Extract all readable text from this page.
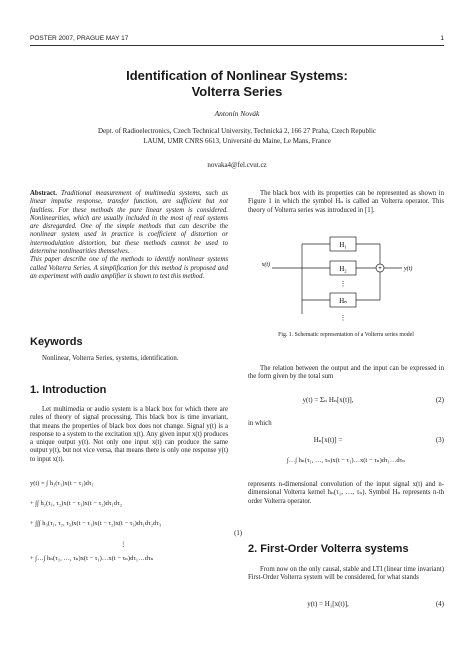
POSTER 2007, PRAGUE MAY 17	1
Identification of Nonlinear Systems:
Volterra Series
Antonín Novák
Dept. of Radioelectronics, Czech Technical University, Technická 2, 166 27 Praha, Czech Republic
LAUM, UMR CNRS 6613, Université du Maine, Le Mans, France
novaka4@fel.cvut.cz

Abstract. Traditional measurement of multimedia systems, such as linear impulse response, transfer function, are sufficient but not faultless. For these methods the pure linear system is considered. Nonlinearities, which are usually included in the most of real systems are disregarded. One of the simple methods that can describe the nonlinear system used in practice is coefficient of distortion or intermodulation distortion, but these methods cannot be used to determine nonlinearities themselves.

This paper describe one of the methods to identify nonlinear systems called Volterra Series. A simplification for this method is proposed and an experiment with audio amplifier is shown to test this method.

Keywords
Nonlinear, Volterra Series, systems, identification.
1. Introduction
Let multimedia or audio system is a black box for which there are rules of theory of signal processing. This black box is time invariant, that means the properties of black box does not change. Signal y(t) is a response to a system to the excitation x(t). Any given input x(t) produces a unique output y(t). Not only one input x(t) can produce the same output y(t), but not vice versa, that means there is only one response y(t) to input x(t).
y(t) = ∫ h₁(τ₁)x(t − τ₁)dτ₁
+ ∫∫ h₂(τ₁, τ₂)x(t − τ₁)x(t − τ₂)dτ₁dτ₂
+ ∫∫∫ h₃(τ₁, τ₂, τ₃)x(t − τ₁)x(t − τ₂)x(t − τ₃)dτ₁dτ₂dτ₃
⋮
+ ∫…∫ hₙ(τ₁, …, τₙ)x(t − τ₁)…x(t − τₙ)dτ₁…dτₙ
(1)
The black box with its properties can be represented as shown in Figure 1 in which the symbol Hₙ is called an Volterra operator. This theory of Volterra series was introduced in [1].
x(t)
y(t)
H₁
H₂
Hₙ
+
⋮
⋮
Fig. 1. Schematic representation of a Volterra series model
The relation between the output and the input can be expressed in the form given by the total sum
y(t) = Σₙ Hₙ[x(t)],	(2)
in which
Hₙ[x(t)] =	(3)
∫…∫ hₙ(τ₁, …, τₙ)x(t − τ₁)…x(t − τₙ)dτ₁…dτₙ
represents n-dimensional convolution of the input signal x(t) and n-dimensional Volterra kernel hₙ(τ₁, …, τₙ). Symbol Hₙ represents n-th order Volterra operator.
2. First-Order Volterra systems
From now on the only causal, stable and LTI (linear time invariant) First-Order Volterra system will be considered, for what stands
y(t) = H₁[x(t)],	(4)
